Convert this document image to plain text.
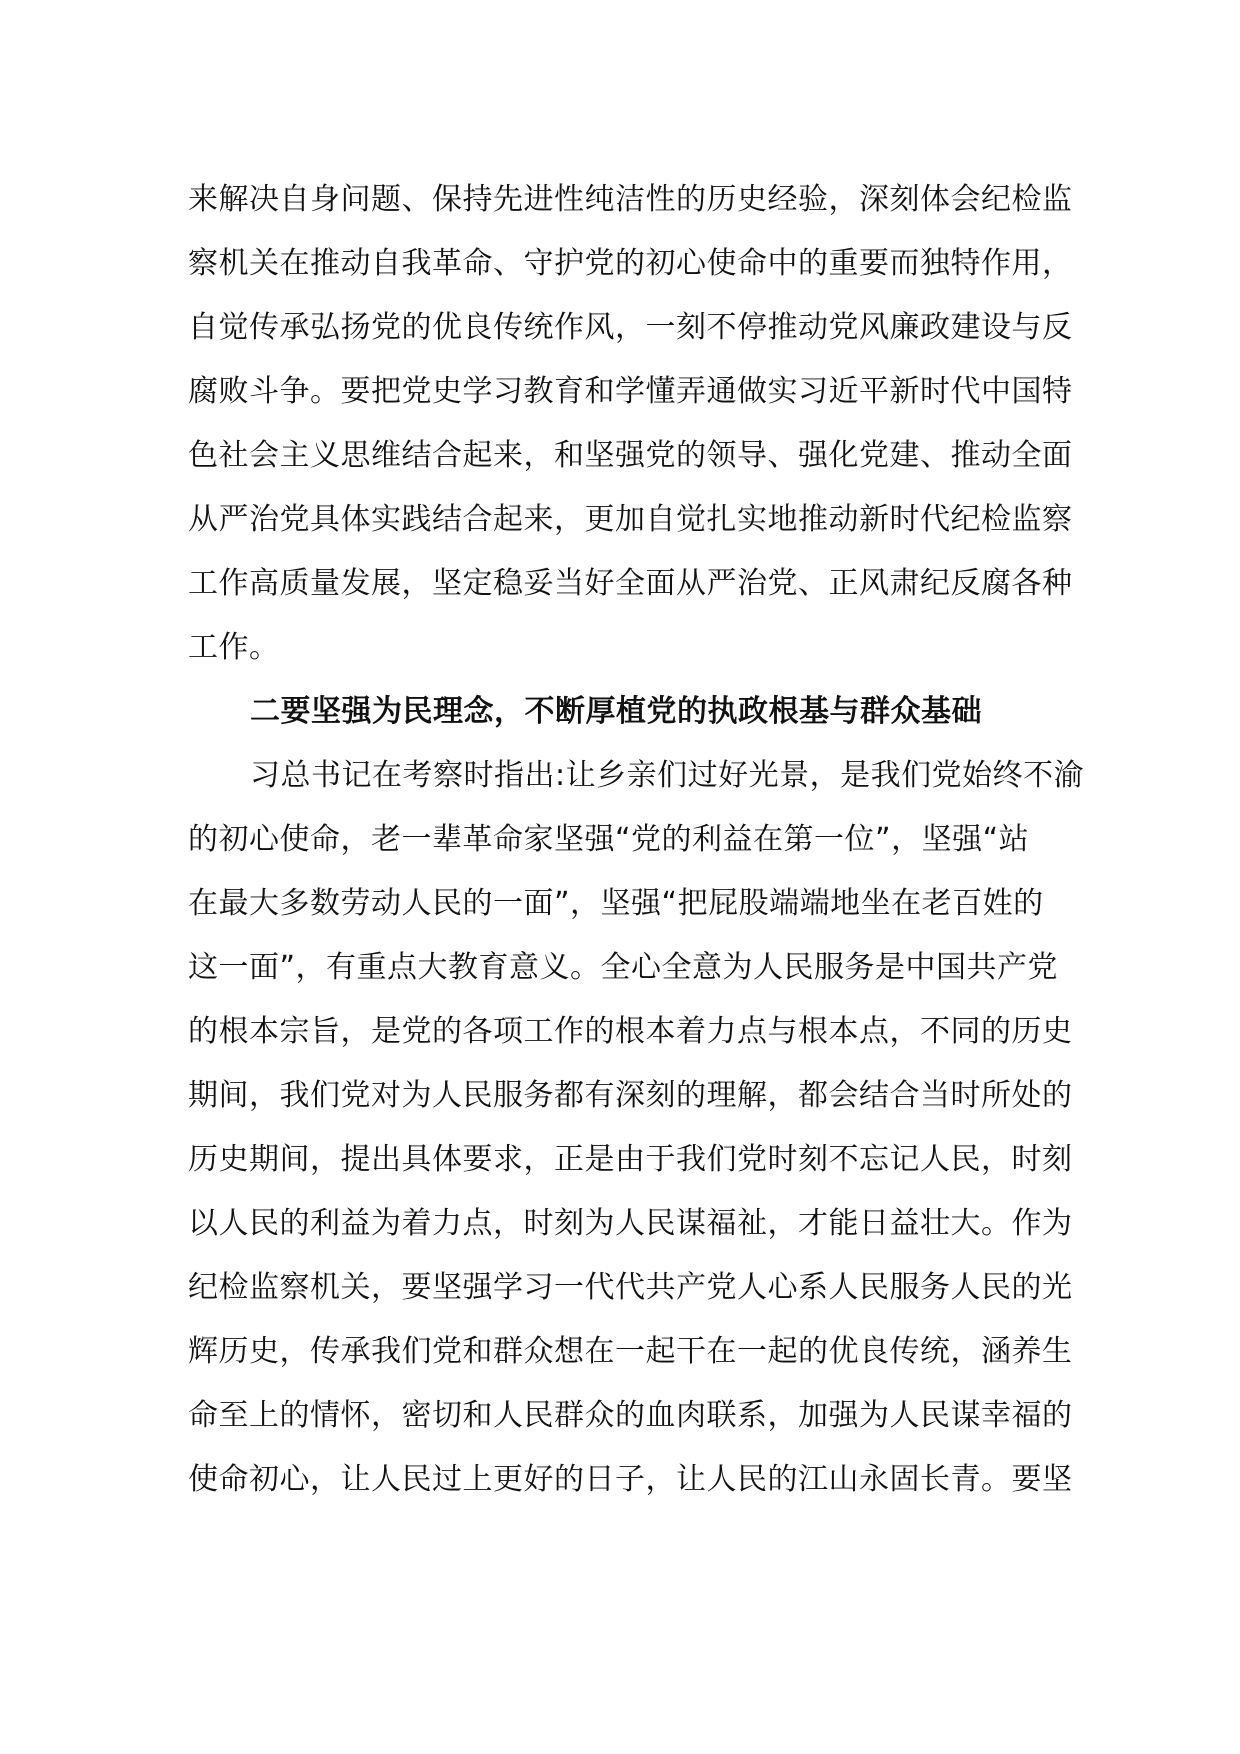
来解决自身问题、保持先进性纯洁性的历史经验，深刻体会纪检监
察机关在推动自我革命、守护党的初心使命中的重要而独特作用，
自觉传承弘扬党的优良传统作风，一刻不停推动党风廉政建设与反
腐败斗争。要把党史学习教育和学懂弄通做实习近平新时代中国特
色社会主义思维结合起来，和坚强党的领导、强化党建、推动全面
从严治党具体实践结合起来，更加自觉扎实地推动新时代纪检监察
工作高质量发展，坚定稳妥当好全面从严治党、正风肃纪反腐各种
工作。
二要坚强为民理念，不断厚植党的执政根基与群众基础
习总书记在考察时指出:让乡亲们过好光景，是我们党始终不渝
的初心使命，老一辈革命家坚强“党的利益在第一位”，坚强“站
在最大多数劳动人民的一面”，坚强“把屁股端端地坐在老百姓的
这一面”，有重点大教育意义。全心全意为人民服务是中国共产党
的根本宗旨，是党的各项工作的根本着力点与根本点，不同的历史
期间，我们党对为人民服务都有深刻的理解，都会结合当时所处的
历史期间，提出具体要求，正是由于我们党时刻不忘记人民，时刻
以人民的利益为着力点，时刻为人民谋福祉，才能日益壮大。作为
纪检监察机关，要坚强学习一代代共产党人心系人民服务人民的光
辉历史，传承我们党和群众想在一起干在一起的优良传统，涵养生
命至上的情怀，密切和人民群众的血肉联系，加强为人民谋幸福的
使命初心，让人民过上更好的日子，让人民的江山永固长青。要坚
